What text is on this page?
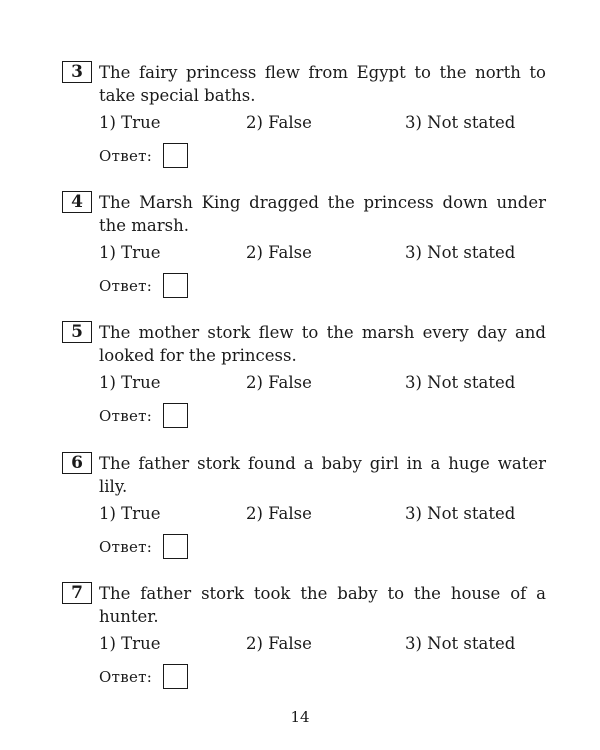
3 The fairy princess flew from Egypt to the north to take special baths.
1) True	2) False	3) Not stated
Ответ:
4 The Marsh King dragged the princess down under the marsh.
1) True	2) False	3) Not stated
Ответ:
5 The mother stork flew to the marsh every day and looked for the princess.
1) True	2) False	3) Not stated
Ответ:
6 The father stork found a baby girl in a huge water lily.
1) True	2) False	3) Not stated
Ответ:
7 The father stork took the baby to the house of a hunter.
1) True	2) False	3) Not stated
Ответ:
14
